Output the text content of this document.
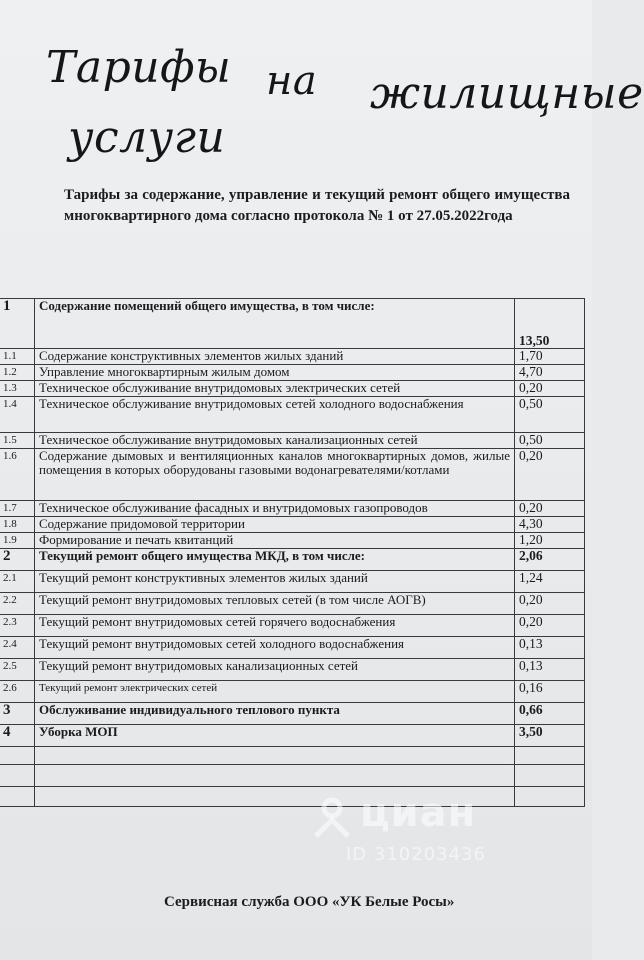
Тарифы на жилищные
услуги
Тарифы за содержание, управление и текущий ремонт общего имущества многоквартирного дома согласно протокола № 1 от 27.05.2022года
1	Содержание помещений общего имущества, в том числе:	13,50
1.1	Содержание конструктивных элементов жилых зданий	1,70
1.2	Управление многоквартирным жилым домом	4,70
1.3	Техническое обслуживание внутридомовых электрических сетей	0,20
1.4	Техническое обслуживание внутридомовых сетей холодного водоснабжения	0,50
1.5	Техническое обслуживание внутридомовых канализационных сетей	0,50
1.6	Содержание дымовых и вентиляционных каналов многоквартирных домов, жилые помещения в которых оборудованы газовыми водонагревателями/котлами	0,20
1.7	Техническое обслуживание фасадных и внутридомовых газопроводов	0,20
1.8	Содержание придомовой территории	4,30
1.9	Формирование и печать квитанций	1,20
2	Текущий ремонт общего имущества МКД, в том числе:	2,06
2.1	Текущий ремонт конструктивных элементов жилых зданий	1,24
2.2	Текущий ремонт внутридомовых тепловых сетей (в том числе АОГВ)	0,20
2.3	Текущий ремонт внутридомовых сетей горячего водоснабжения	0,20
2.4	Текущий ремонт внутридомовых сетей холодного водоснабжения	0,13
2.5	Текущий ремонт внутридомовых канализационных сетей	0,13
2.6	Текущий ремонт электрических сетей	0,16
3	Обслуживание индивидуального теплового пункта	0,66
4	Уборка МОП	3,50

циан
ID 310203436
Сервисная служба ООО «УК Белые Росы»
